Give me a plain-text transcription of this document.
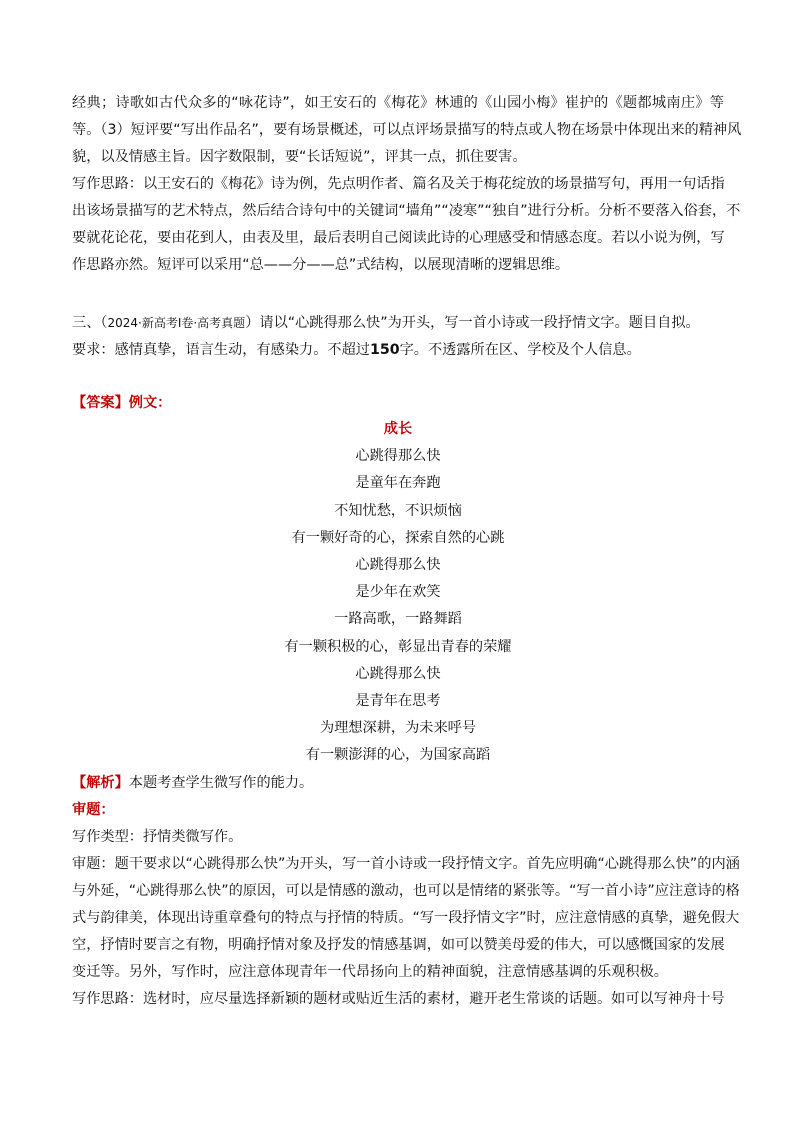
经典；诗歌如古代众多的“咏花诗”，如王安石的《梅花》林逋的《山园小梅》崔护的《题都城南庄》等
等。（3）短评要“写出作品名”，要有场景概述，可以点评场景描写的特点或人物在场景中体现出来的精神风
貌，以及情感主旨。因字数限制，要“长话短说”，评其一点，抓住要害。
写作思路：以王安石的《梅花》诗为例，先点明作者、篇名及关于梅花绽放的场景描写句，再用一句话指
出该场景描写的艺术特点，然后结合诗句中的关键词“墙角”“凌寒”“独自”进行分析。分析不要落入俗套，不
要就花论花，要由花到人，由表及里，最后表明自己阅读此诗的心理感受和情感态度。若以小说为例，写
作思路亦然。短评可以采用“总——分——总”式结构，以展现清晰的逻辑思维。
三、（2024·新高考Ⅰ卷·高考真题）请以“心跳得那么快”为开头，写一首小诗或一段抒情文字。题目自拟。
要求：感情真挚，语言生动，有感染力。不超过150字。不透露所在区、学校及个人信息。
【答案】例文：
成长
心跳得那么快
是童年在奔跑
不知忧愁，不识烦恼
有一颗好奇的心，探索自然的心跳
心跳得那么快
是少年在欢笑
一路高歌，一路舞蹈
有一颗积极的心，彰显出青春的荣耀
心跳得那么快
是青年在思考
为理想深耕，为未来呼号
有一颗澎湃的心，为国家高蹈
【解析】本题考查学生微写作的能力。
审题：
写作类型：抒情类微写作。
审题：题干要求以“心跳得那么快”为开头，写一首小诗或一段抒情文字。首先应明确“心跳得那么快”的内涵
与外延，“心跳得那么快”的原因，可以是情感的激动，也可以是情绪的紧张等。“写一首小诗”应注意诗的格
式与韵律美，体现出诗重章叠句的特点与抒情的特质。“写一段抒情文字”时，应注意情感的真挚，避免假大
空，抒情时要言之有物，明确抒情对象及抒发的情感基调，如可以赞美母爱的伟大，可以感慨国家的发展
变迁等。另外，写作时，应注意体现青年一代昂扬向上的精神面貌，注意情感基调的乐观积极。
写作思路：选材时，应尽量选择新颖的题材或贴近生活的素材，避开老生常谈的话题。如可以写神舟十号
